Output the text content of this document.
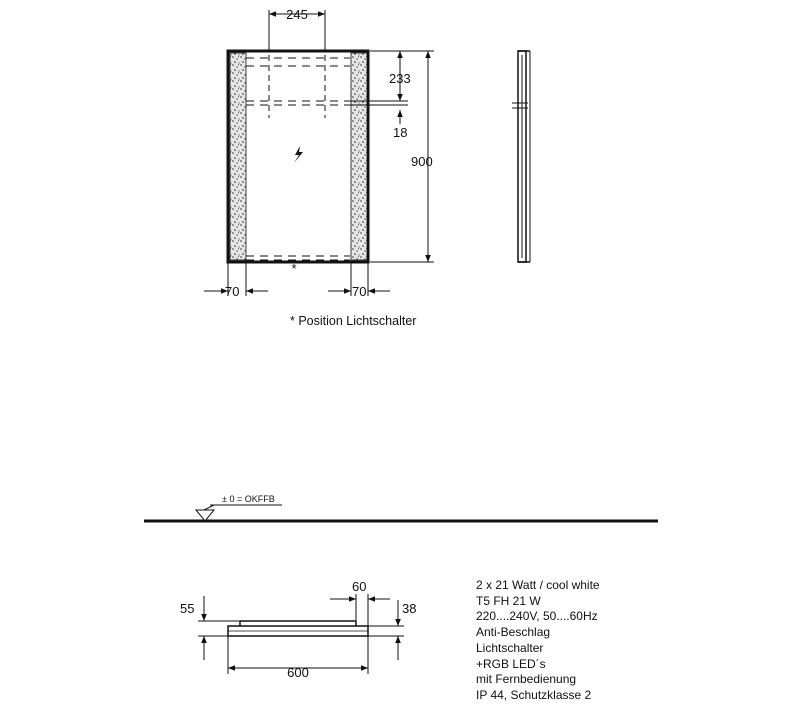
245
233
18
900
70	70
*
± 0 = OKFFB
55
60
38
600
* Position Lichtschalter
2 x 21 Watt / cool white
T5 FH 21 W
220....240V, 50....60Hz
Anti-Beschlag
Lichtschalter
+RGB LED´s
mit Fernbedienung
IP 44, Schutzklasse 2
